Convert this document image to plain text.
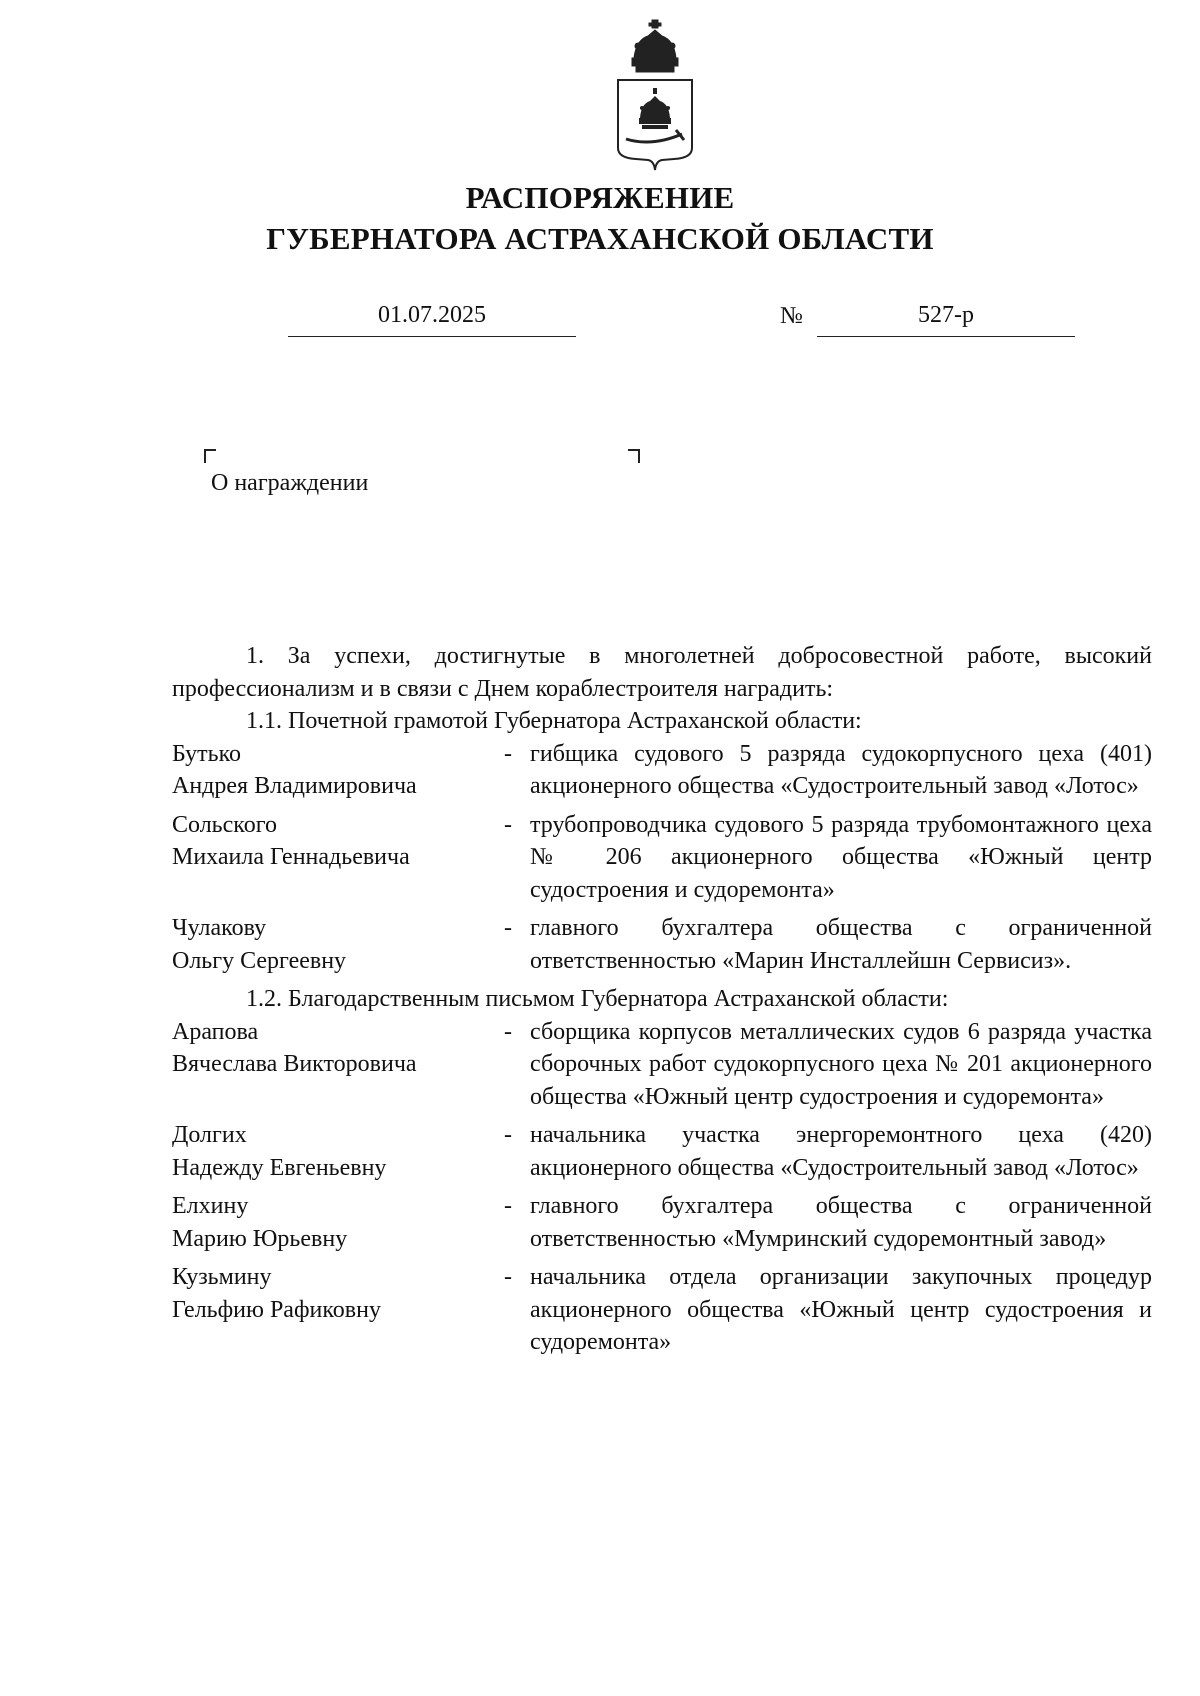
РАСПОРЯЖЕНИЕ
ГУБЕРНАТОРА АСТРАХАНСКОЙ ОБЛАСТИ
01.07.2025	№	527-р
О награждении

1. За успехи, достигнутые в многолетней добросовестной работе, высокий профессионализм и в связи с Днем кораблестроителя наградить:

1.1. Почетной грамотой Губернатора Астраханской области:

Бутько
Андрея Владимировича
- гибщика судового 5 разряда судокорпусного цеха (401) акционерного общества «Судостроительный завод «Лотос»
Сольского
Михаила Геннадьевича
- трубопроводчика судового 5 разряда трубомонтажного цеха № 206 акционерного общества «Южный центр судостроения и судоремонта»
Чулакову
Ольгу Сергеевну
- главного бухгалтера общества с ограниченной ответственностью «Марин Инсталлейшн Сервисиз».

1.2. Благодарственным письмом Губернатора Астраханской области:

Арапова
Вячеслава Викторовича
- сборщика корпусов металлических судов 6 разряда участка сборочных работ судокорпусного цеха № 201 акционерного общества «Южный центр судостроения и судоремонта»
Долгих
Надежду Евгеньевну
- начальника участка энергоремонтного цеха (420) акционерного общества «Судостроительный завод «Лотос»
Елхину
Марию Юрьевну
- главного бухгалтера общества с ограниченной ответственностью «Мумринский судоремонтный завод»
Кузьмину
Гельфию Рафиковну
- начальника отдела организации закупочных процедур акционерного общества «Южный центр судостроения и судоремонта»
